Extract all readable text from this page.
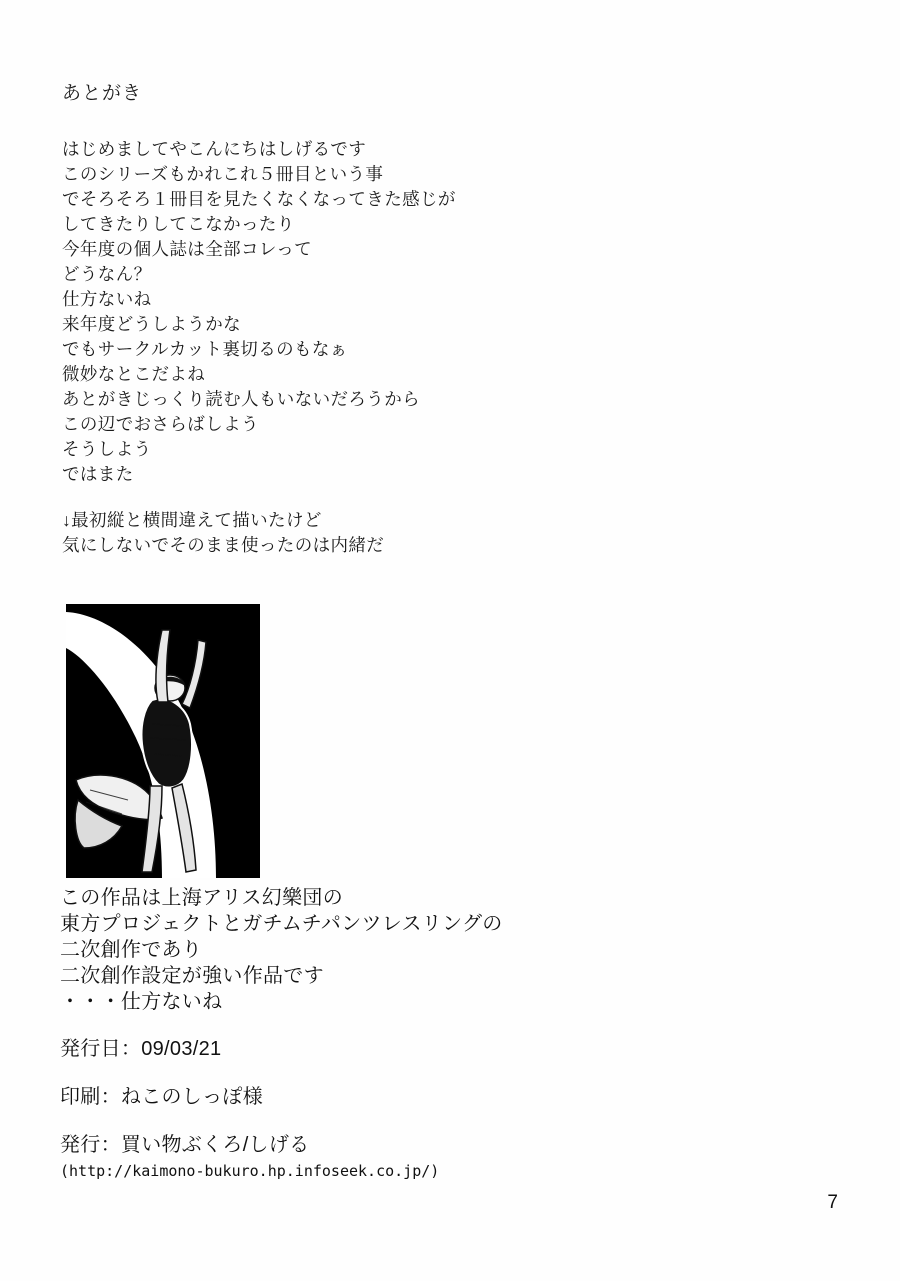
あとがき
はじめましてやこんにちはしげるです
このシリーズもかれこれ５冊目という事
でそろそろ１冊目を見たくなくなってきた感じが
してきたりしてこなかったり
今年度の個人誌は全部コレって
どうなん？
仕方ないね
来年度どうしようかな
でもサークルカット裏切るのもなぁ
微妙なとこだよね
あとがきじっくり読む人もいないだろうから
この辺でおさらばしよう
そうしよう
ではまた
↓最初縦と横間違えて描いたけど
気にしないでそのまま使ったのは内緒だ
この作品は上海アリス幻樂団の
東方プロジェクトとガチムチパンツレスリングの
二次創作であり
二次創作設定が強い作品です
・・・仕方ないね
発行日：09/03/21
印刷：ねこのしっぽ様
発行：買い物ぶくろ/しげる
(http://kaimono-bukuro.hp.infoseek.co.jp/)
7
